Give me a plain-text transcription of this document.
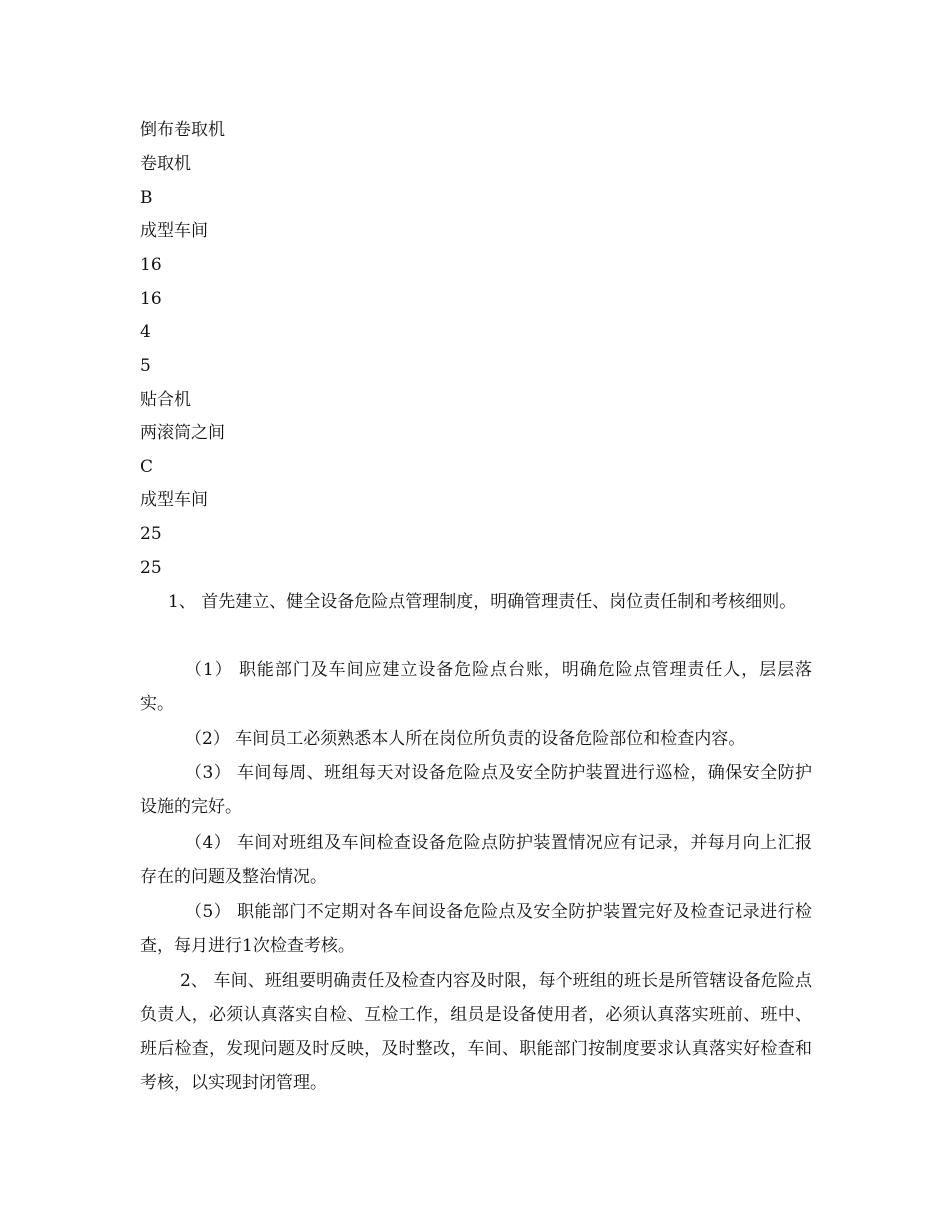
倒布卷取机
卷取机
B
成型车间
16
16
4
5
贴合机
两滚筒之间
C
成型车间
25
25
1、 首先建立、健全设备危险点管理制度，明确管理责任、岗位责任制和考核细则。
（1） 职能部门及车间应建立设备危险点台账，明确危险点管理责任人，层层落实。
（2） 车间员工必须熟悉本人所在岗位所负责的设备危险部位和检查内容。
（3） 车间每周、班组每天对设备危险点及安全防护装置进行巡检，确保安全防护设施的完好。
（4） 车间对班组及车间检查设备危险点防护装置情况应有记录，并每月向上汇报存在的问题及整治情况。
（5） 职能部门不定期对各车间设备危险点及安全防护装置完好及检查记录进行检查，每月进行1次检查考核。
2、 车间、班组要明确责任及检查内容及时限，每个班组的班长是所管辖设备危险点负责人，必须认真落实自检、互检工作，组员是设备使用者，必须认真落实班前、班中、班后检查，发现问题及时反映，及时整改，车间、职能部门按制度要求认真落实好检查和考核，以实现封闭管理。
